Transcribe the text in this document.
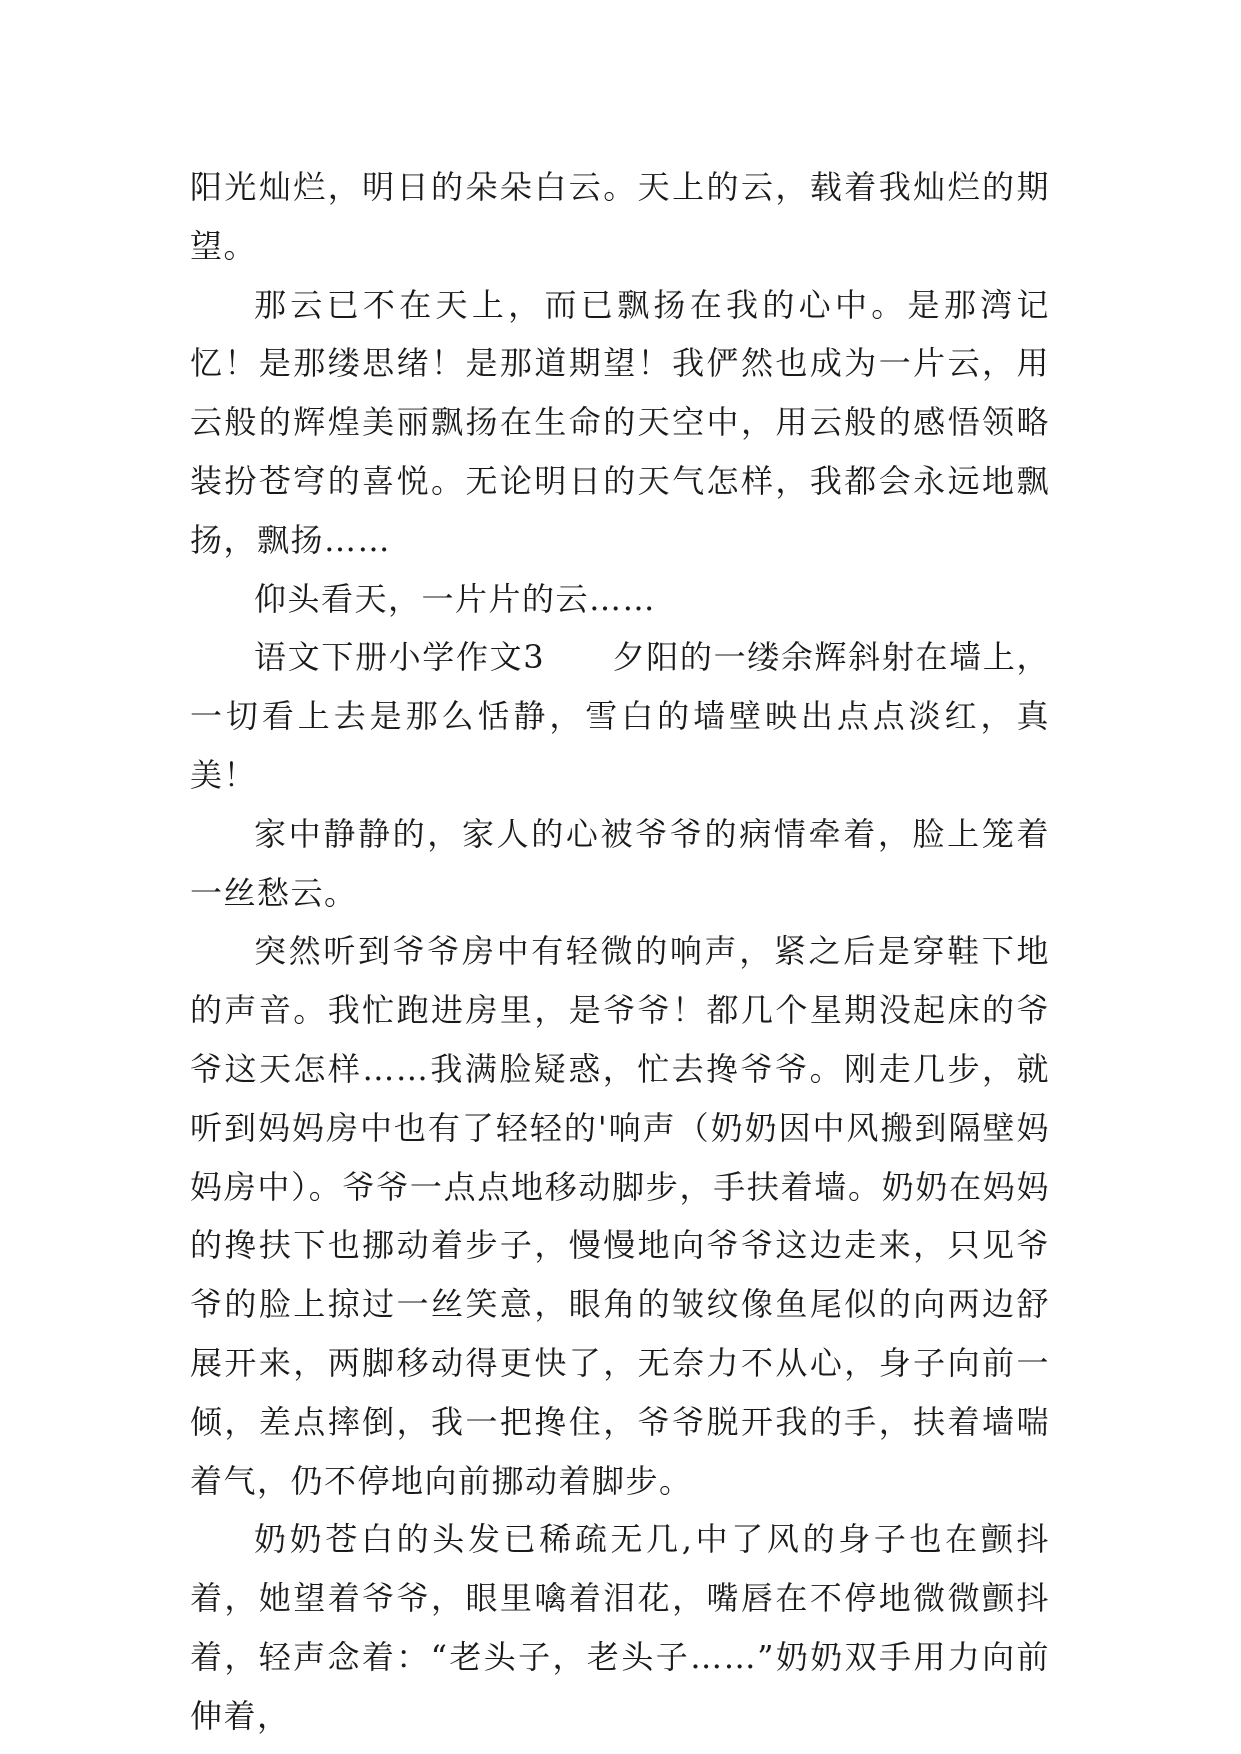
阳光灿烂，明日的朵朵白云。天上的云，载着我灿烂的期望。

那云已不在天上，而已飘扬在我的心中。是那湾记忆！是那缕思绪！是那道期望！我俨然也成为一片云，用云般的辉煌美丽飘扬在生命的天空中，用云般的感悟领略装扮苍穹的喜悦。无论明日的天气怎样，我都会永远地飘扬，飘扬……

仰头看天，一片片的云……

语文下册小学作文3　　夕阳的一缕余辉斜射在墙上，一切看上去是那么恬静，雪白的墙壁映出点点淡红，真美！

家中静静的，家人的心被爷爷的病情牵着，脸上笼着一丝愁云。

突然听到爷爷房中有轻微的响声，紧之后是穿鞋下地的声音。我忙跑进房里，是爷爷！都几个星期没起床的爷爷这天怎样……我满脸疑惑，忙去搀爷爷。刚走几步，就听到妈妈房中也有了轻轻的'响声（奶奶因中风搬到隔壁妈妈房中）。爷爷一点点地移动脚步，手扶着墙。奶奶在妈妈的搀扶下也挪动着步子，慢慢地向爷爷这边走来，只见爷爷的脸上掠过一丝笑意，眼角的皱纹像鱼尾似的向两边舒展开来，两脚移动得更快了，无奈力不从心，身子向前一倾，差点摔倒，我一把搀住，爷爷脱开我的手，扶着墙喘着气，仍不停地向前挪动着脚步。

奶奶苍白的头发已稀疏无几,中了风的身子也在颤抖着，她望着爷爷，眼里噙着泪花，嘴唇在不停地微微颤抖着，轻声念着：“老头子，老头子……”奶奶双手用力向前伸着，
